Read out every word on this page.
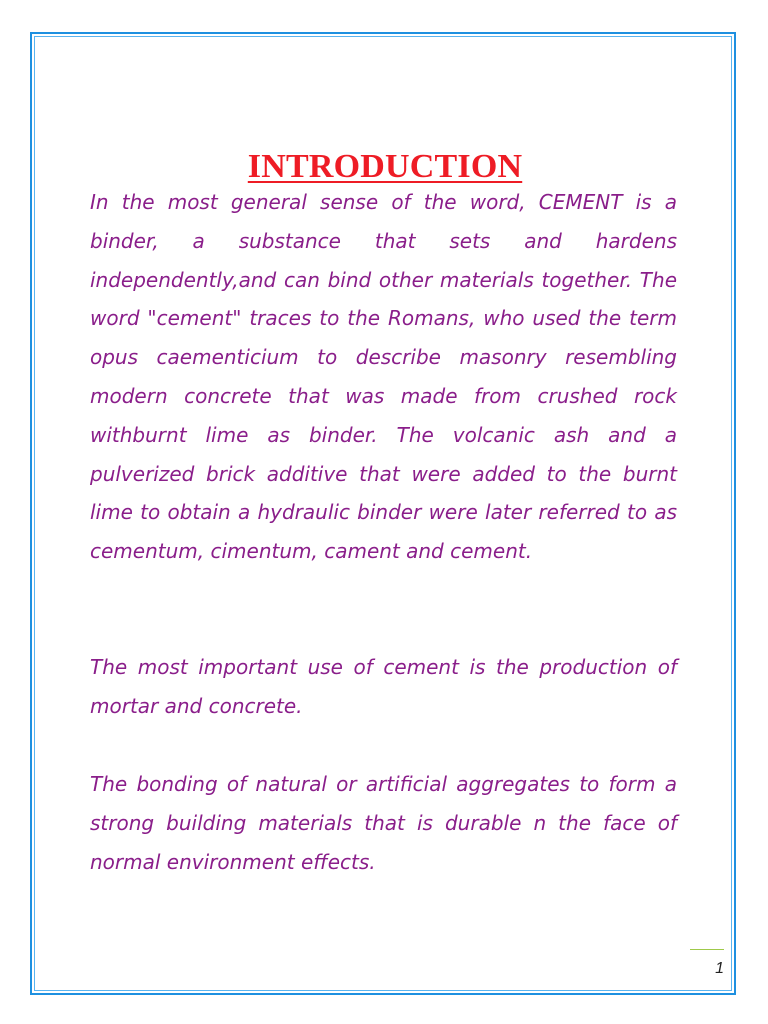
INTRODUCTION

In the most general sense of the word, CEMENT is a binder, a substance that sets and hardens independently,and can bind other materials together. The word "cement" traces to the Romans, who used the term opus caementicium to describe masonry resembling modern concrete that was made from crushed rock withburnt lime as binder. The volcanic ash and a pulverized brick additive that were added to the burnt lime to obtain a hydraulic binder were later referred to as cementum, cimentum, cament and cement.

The most important use of cement is the production of mortar and concrete.

The bonding of natural or artificial aggregates to form a strong building materials that is durable n the face of normal environment effects.

1
